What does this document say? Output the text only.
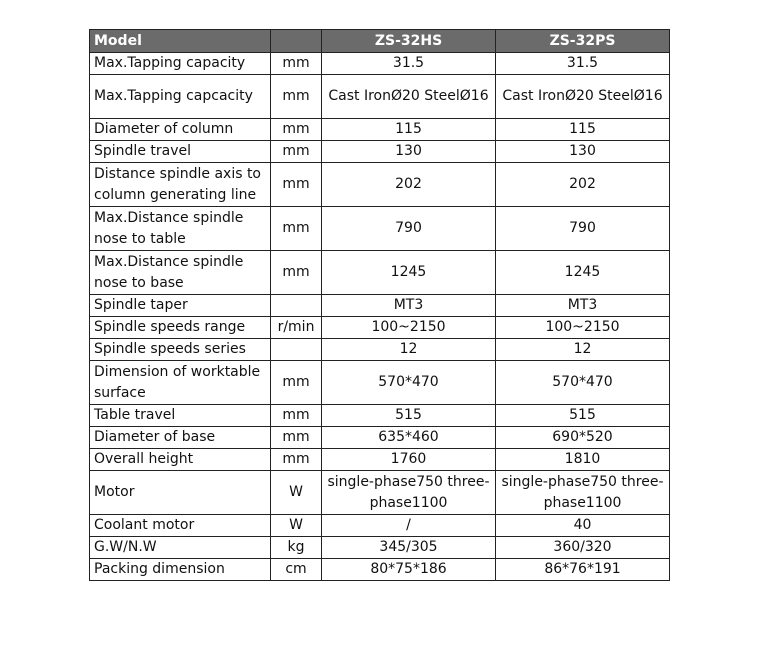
Model		ZS-32HS	ZS-32PS
Max.Tapping capacity	mm	31.5	31.5
Max.Tapping capcacity	mm	Cast IronØ20 SteelØ16	Cast IronØ20 SteelØ16
Diameter of column	mm	115	115
Spindle travel	mm	130	130
Distance spindle axis to column generating line	mm	202	202
Max.Distance spindle nose to table	mm	790	790
Max.Distance spindle nose to base	mm	1245	1245
Spindle taper		MT3	MT3
Spindle speeds range	r/min	100~2150	100~2150
Spindle speeds series		12	12
Dimension of worktable surface	mm	570*470	570*470
Table travel	mm	515	515
Diameter of base	mm	635*460	690*520
Overall height	mm	1760	1810
Motor	W	single-phase750 three-phase1100	single-phase750 three-phase1100
Coolant motor	W	/	40
G.W/N.W	kg	345/305	360/320
Packing dimension	cm	80*75*186	86*76*191
